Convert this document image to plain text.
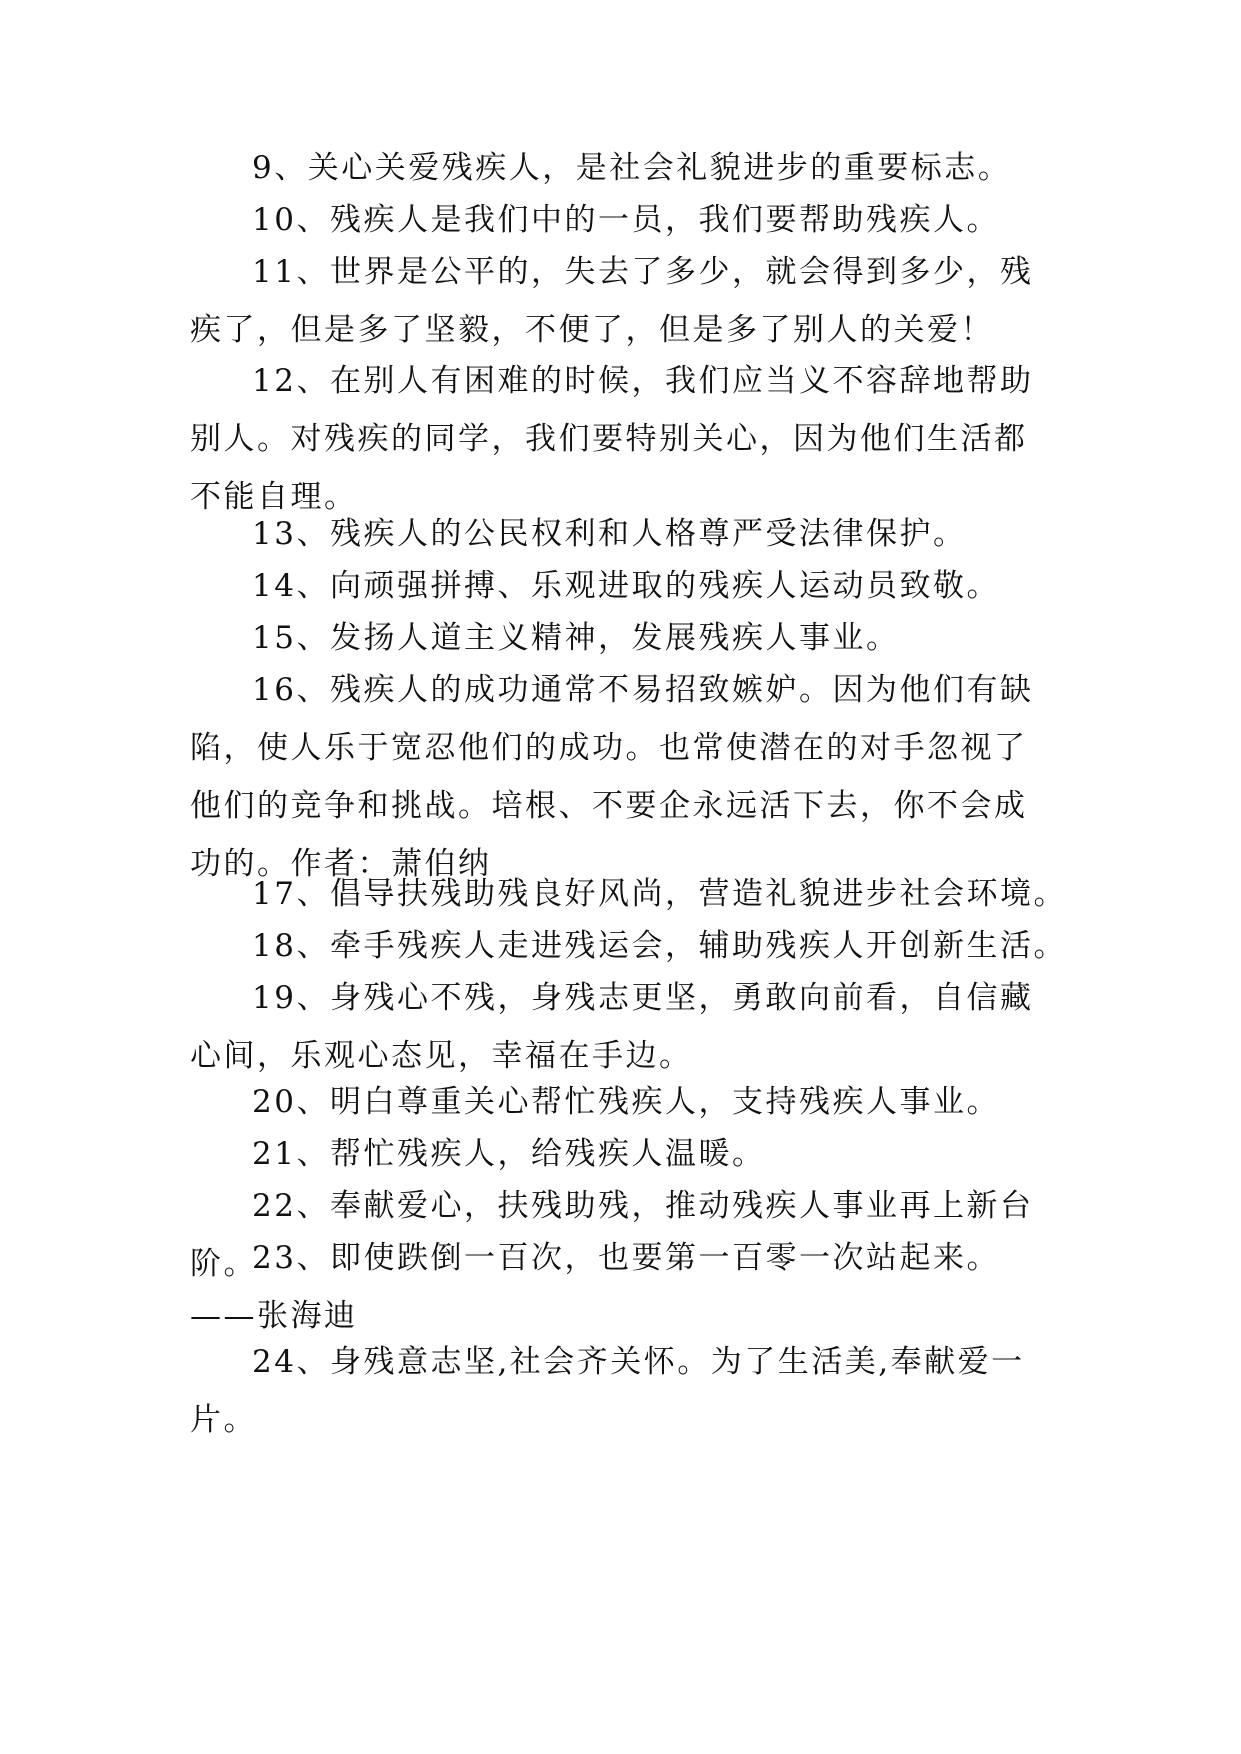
9、关心关爱残疾人，是社会礼貌进步的重要标志。

10、残疾人是我们中的一员，我们要帮助残疾人。

11、世界是公平的，失去了多少，就会得到多少，残疾了，但是多了坚毅，不便了，但是多了别人的关爱！

12、在别人有困难的时候，我们应当义不容辞地帮助别人。对残疾的同学，我们要特别关心，因为他们生活都不能自理。

13、残疾人的公民权利和人格尊严受法律保护。

14、向顽强拼搏、乐观进取的残疾人运动员致敬。

15、发扬人道主义精神，发展残疾人事业。

16、残疾人的成功通常不易招致嫉妒。因为他们有缺陷，使人乐于宽忍他们的成功。也常使潜在的对手忽视了他们的竞争和挑战。培根、不要企永远活下去，你不会成功的。作者：萧伯纳

17、倡导扶残助残良好风尚，营造礼貌进步社会环境。

18、牵手残疾人走进残运会，辅助残疾人开创新生活。

19、身残心不残，身残志更坚，勇敢向前看，自信藏心间，乐观心态见，幸福在手边。

20、明白尊重关心帮忙残疾人，支持残疾人事业。

21、帮忙残疾人，给残疾人温暖。

22、奉献爱心，扶残助残，推动残疾人事业再上新台阶。

23、即使跌倒一百次，也要第一百零一次站起来。——张海迪

24、身残意志坚,社会齐关怀。为了生活美,奉献爱一片。
